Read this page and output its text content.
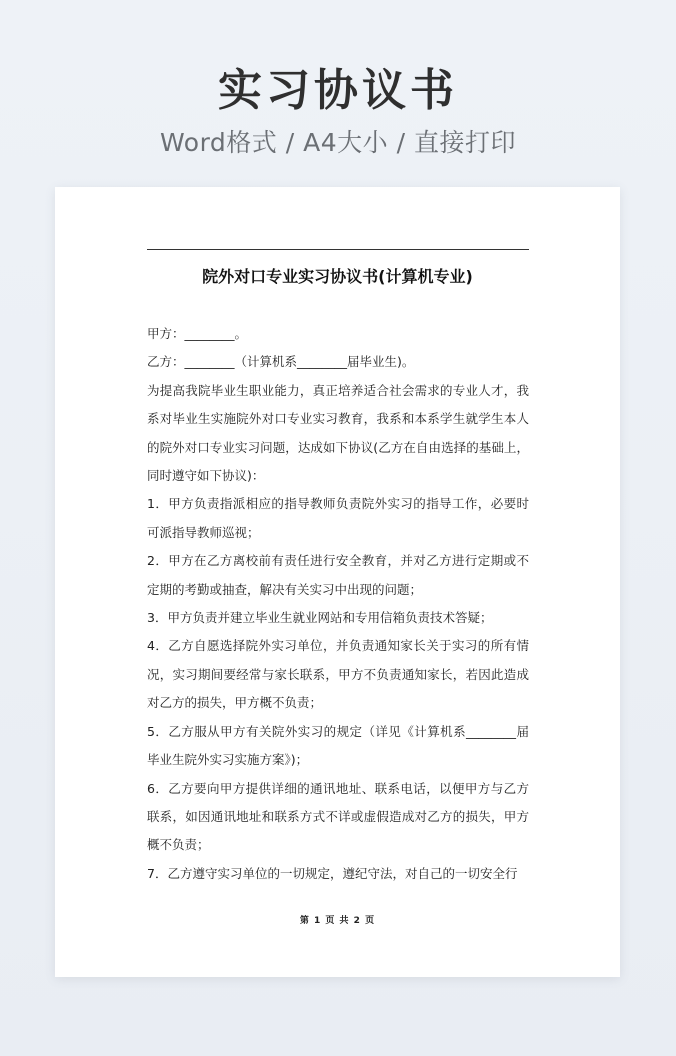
实习协议书
Word格式 / A4大小 / 直接打印
院外对口专业实习协议书(计算机专业)

甲方：________。

乙方：________（计算机系________届毕业生)。

为提高我院毕业生职业能力，真正培养适合社会需求的专业人才，我系对毕业生实施院外对口专业实习教育，我系和本系学生就学生本人的院外对口专业实习问题，达成如下协议(乙方在自由选择的基础上，同时遵守如下协议)：

1．甲方负责指派相应的指导教师负责院外实习的指导工作，必要时可派指导教师巡视；

2．甲方在乙方离校前有责任进行安全教育，并对乙方进行定期或不定期的考勤或抽查，解决有关实习中出现的问题；

3．甲方负责并建立毕业生就业网站和专用信箱负责技术答疑；

4．乙方自愿选择院外实习单位，并负责通知家长关于实习的所有情况，实习期间要经常与家长联系，甲方不负责通知家长，若因此造成对乙方的损失，甲方概不负责；

5．乙方服从甲方有关院外实习的规定（详见《计算机系________届毕业生院外实习实施方案》)；

6．乙方要向甲方提供详细的通讯地址、联系电话，以便甲方与乙方联系，如因通讯地址和联系方式不详或虚假造成对乙方的损失，甲方概不负责；

7．乙方遵守实习单位的一切规定，遵纪守法，对自己的一切安全行

第 1 页 共 2 页
